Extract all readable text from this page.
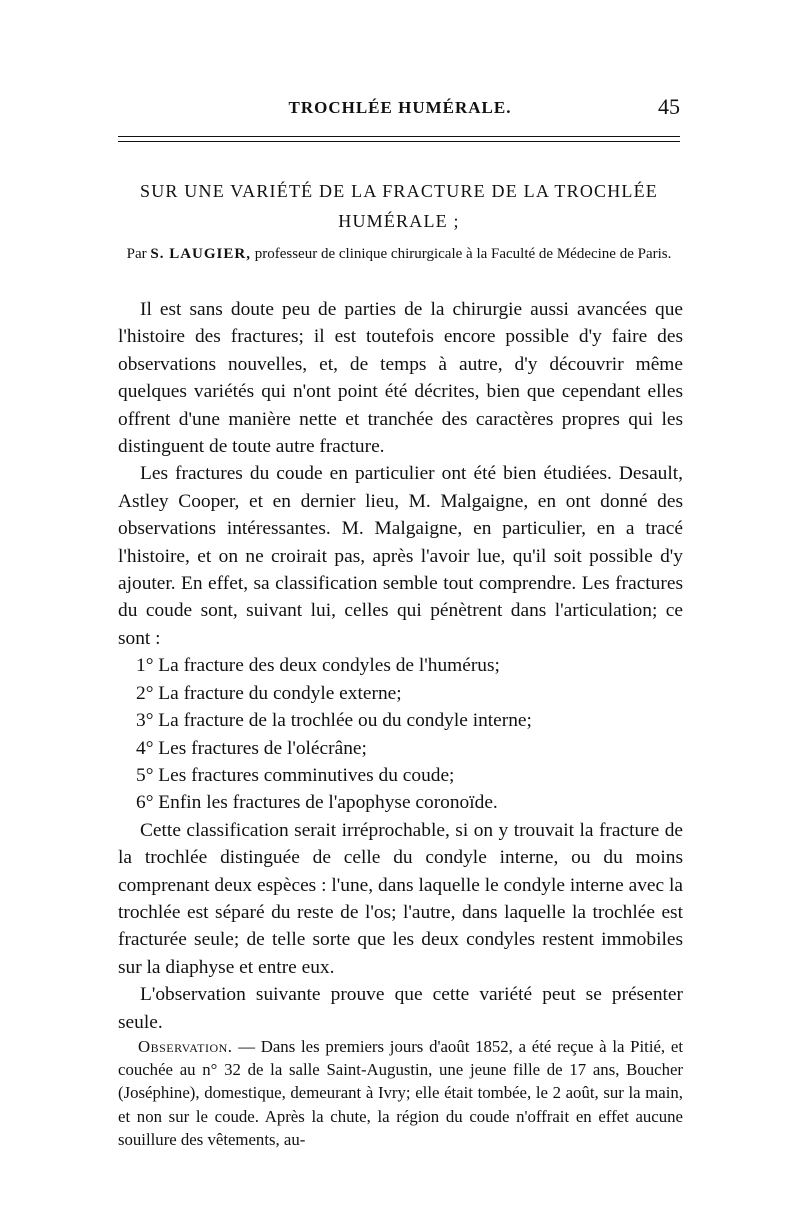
TROCHLÉE HUMÉRALE.	45
SUR UNE VARIÉTÉ DE LA FRACTURE DE LA TROCHLÉE
HUMÉRALE ;
Par S. LAUGIER, professeur de clinique chirurgicale à la Faculté de Médecine de Paris.

Il est sans doute peu de parties de la chirurgie aussi avancées que l'histoire des fractures; il est toutefois encore possible d'y faire des observations nouvelles, et, de temps à autre, d'y découvrir même quelques variétés qui n'ont point été décrites, bien que cependant elles offrent d'une manière nette et tranchée des caractères propres qui les distinguent de toute autre fracture.

Les fractures du coude en particulier ont été bien étudiées. Desault, Astley Cooper, et en dernier lieu, M. Malgaigne, en ont donné des observations intéressantes. M. Malgaigne, en particulier, en a tracé l'histoire, et on ne croirait pas, après l'avoir lue, qu'il soit possible d'y ajouter. En effet, sa classification semble tout comprendre. Les fractures du coude sont, suivant lui, celles qui pénètrent dans l'articulation; ce sont :

1° La fracture des deux condyles de l'humérus;

2° La fracture du condyle externe;

3° La fracture de la trochlée ou du condyle interne;

4° Les fractures de l'olécrâne;

5° Les fractures comminutives du coude;

6° Enfin les fractures de l'apophyse coronoïde.

Cette classification serait irréprochable, si on y trouvait la fracture de la trochlée distinguée de celle du condyle interne, ou du moins comprenant deux espèces : l'une, dans laquelle le condyle interne avec la trochlée est séparé du reste de l'os; l'autre, dans laquelle la trochlée est fracturée seule; de telle sorte que les deux condyles restent immobiles sur la diaphyse et entre eux.

L'observation suivante prouve que cette variété peut se présenter seule.

Observation. — Dans les premiers jours d'août 1852, a été reçue à la Pitié, et couchée au n° 32 de la salle Saint-Augustin, une jeune fille de 17 ans, Boucher (Joséphine), domestique, demeurant à Ivry; elle était tombée, le 2 août, sur la main, et non sur le coude. Après la chute, la région du coude n'offrait en effet aucune souillure des vêtements, au-
